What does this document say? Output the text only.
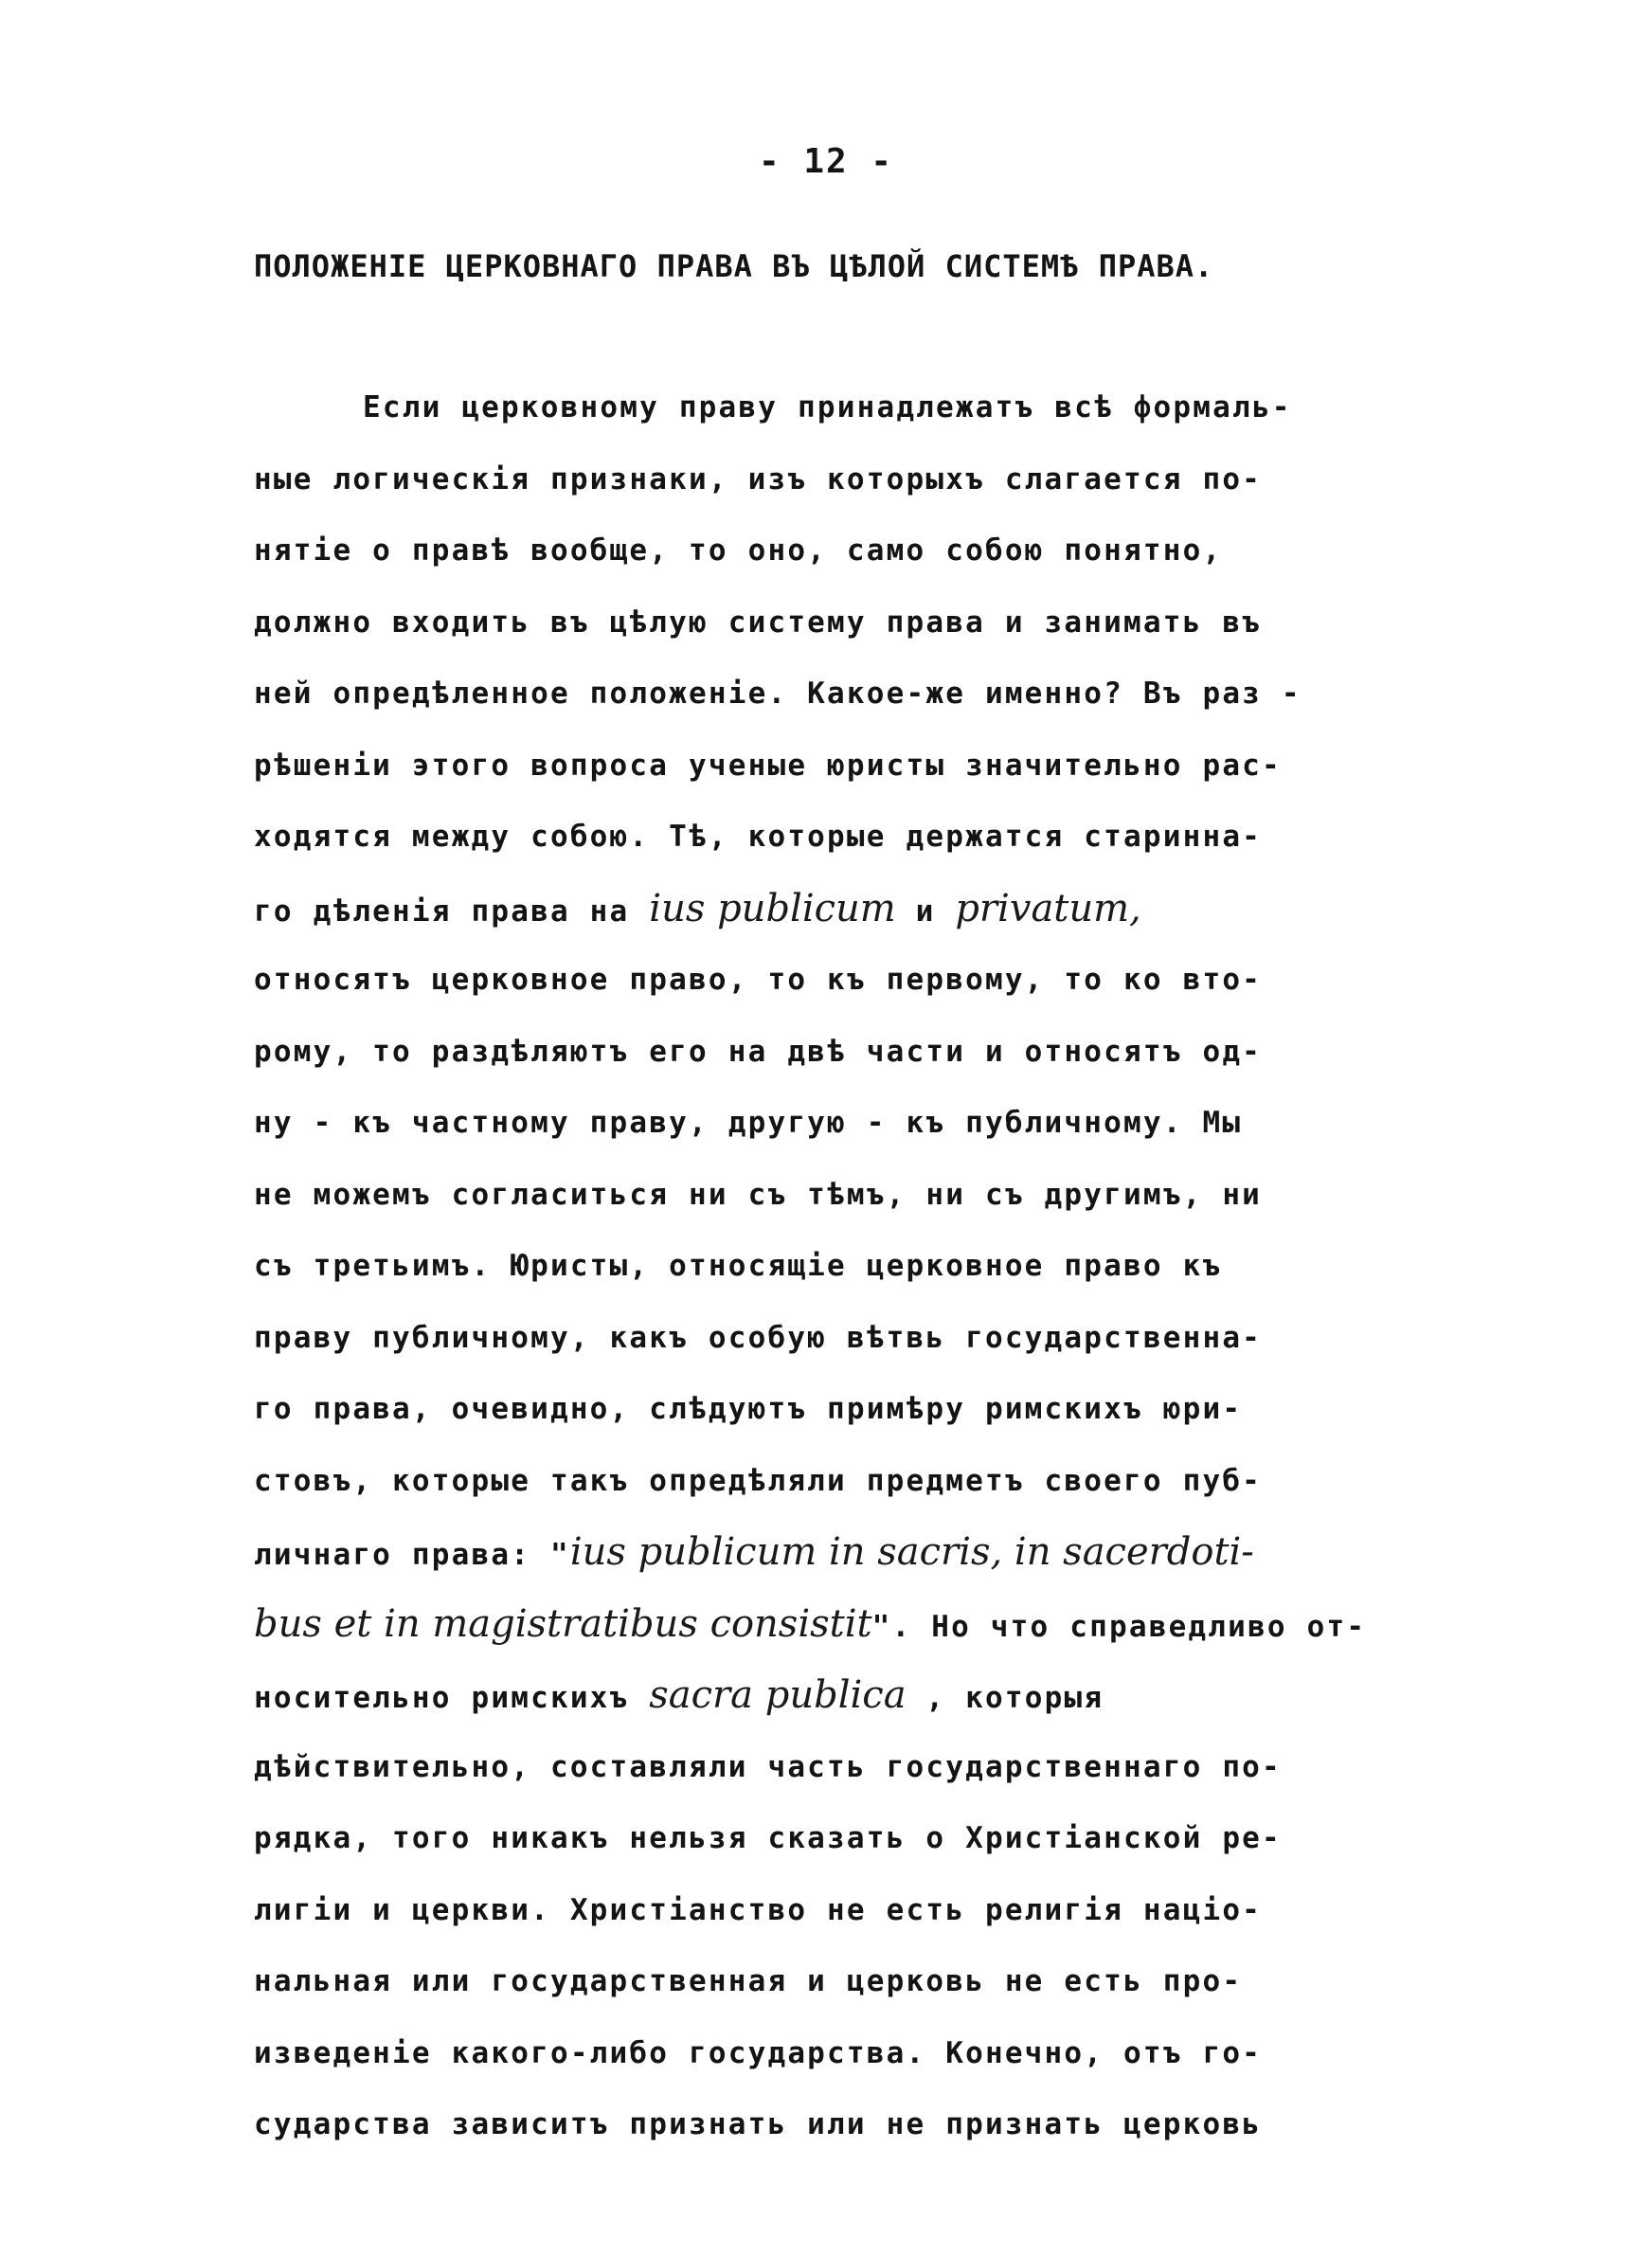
- 12 -
ПОЛОЖЕНІЕ ЦЕРКОВНАГО ПРАВА ВЪ ЦѢЛОЙ СИСТЕМѢ ПРАВА.
Если церковному праву принадлежатъ всѣ формаль-
ные логическія признаки, изъ которыхъ слагается по-
нятіе о правѣ вообще, то оно, само собою понятно,
должно входить въ цѣлую систему права и занимать въ
ней опредѣленное положеніе. Какое-же именно? Въ раз -
рѣшеніи этого вопроса ученые юристы значительно рас-
ходятся между собою. Тѣ, которые держатся старинна-
го дѣленія права на ius publicum и privatum,
относятъ церковное право, то къ первому, то ко вто-
рому, то раздѣляютъ его на двѣ части и относятъ од-
ну - къ частному праву, другую - къ публичному. Мы
не можемъ согласиться ни съ тѣмъ, ни съ другимъ, ни
съ третьимъ. Юристы, относящіе церковное право къ
праву публичному, какъ особую вѣтвь государственна-
го права, очевидно, слѣдуютъ примѣру римскихъ юри-
стовъ, которые такъ опредѣляли предметъ своего пуб-
личнаго права: "ius publicum in sacris, in sacerdoti-
bus et in magistratibus consistit". Но что справедливо от-
носительно римскихъ sacra publica , которыя
дѣйствительно, составляли часть государственнаго по-
рядка, того никакъ нельзя сказать о Христіанской ре-
лигіи и церкви. Христіанство не есть религія націо-
нальная или государственная и церковь не есть про-
изведеніе какого-либо государства. Конечно, отъ го-
сударства зависитъ признать или не признать церковь
